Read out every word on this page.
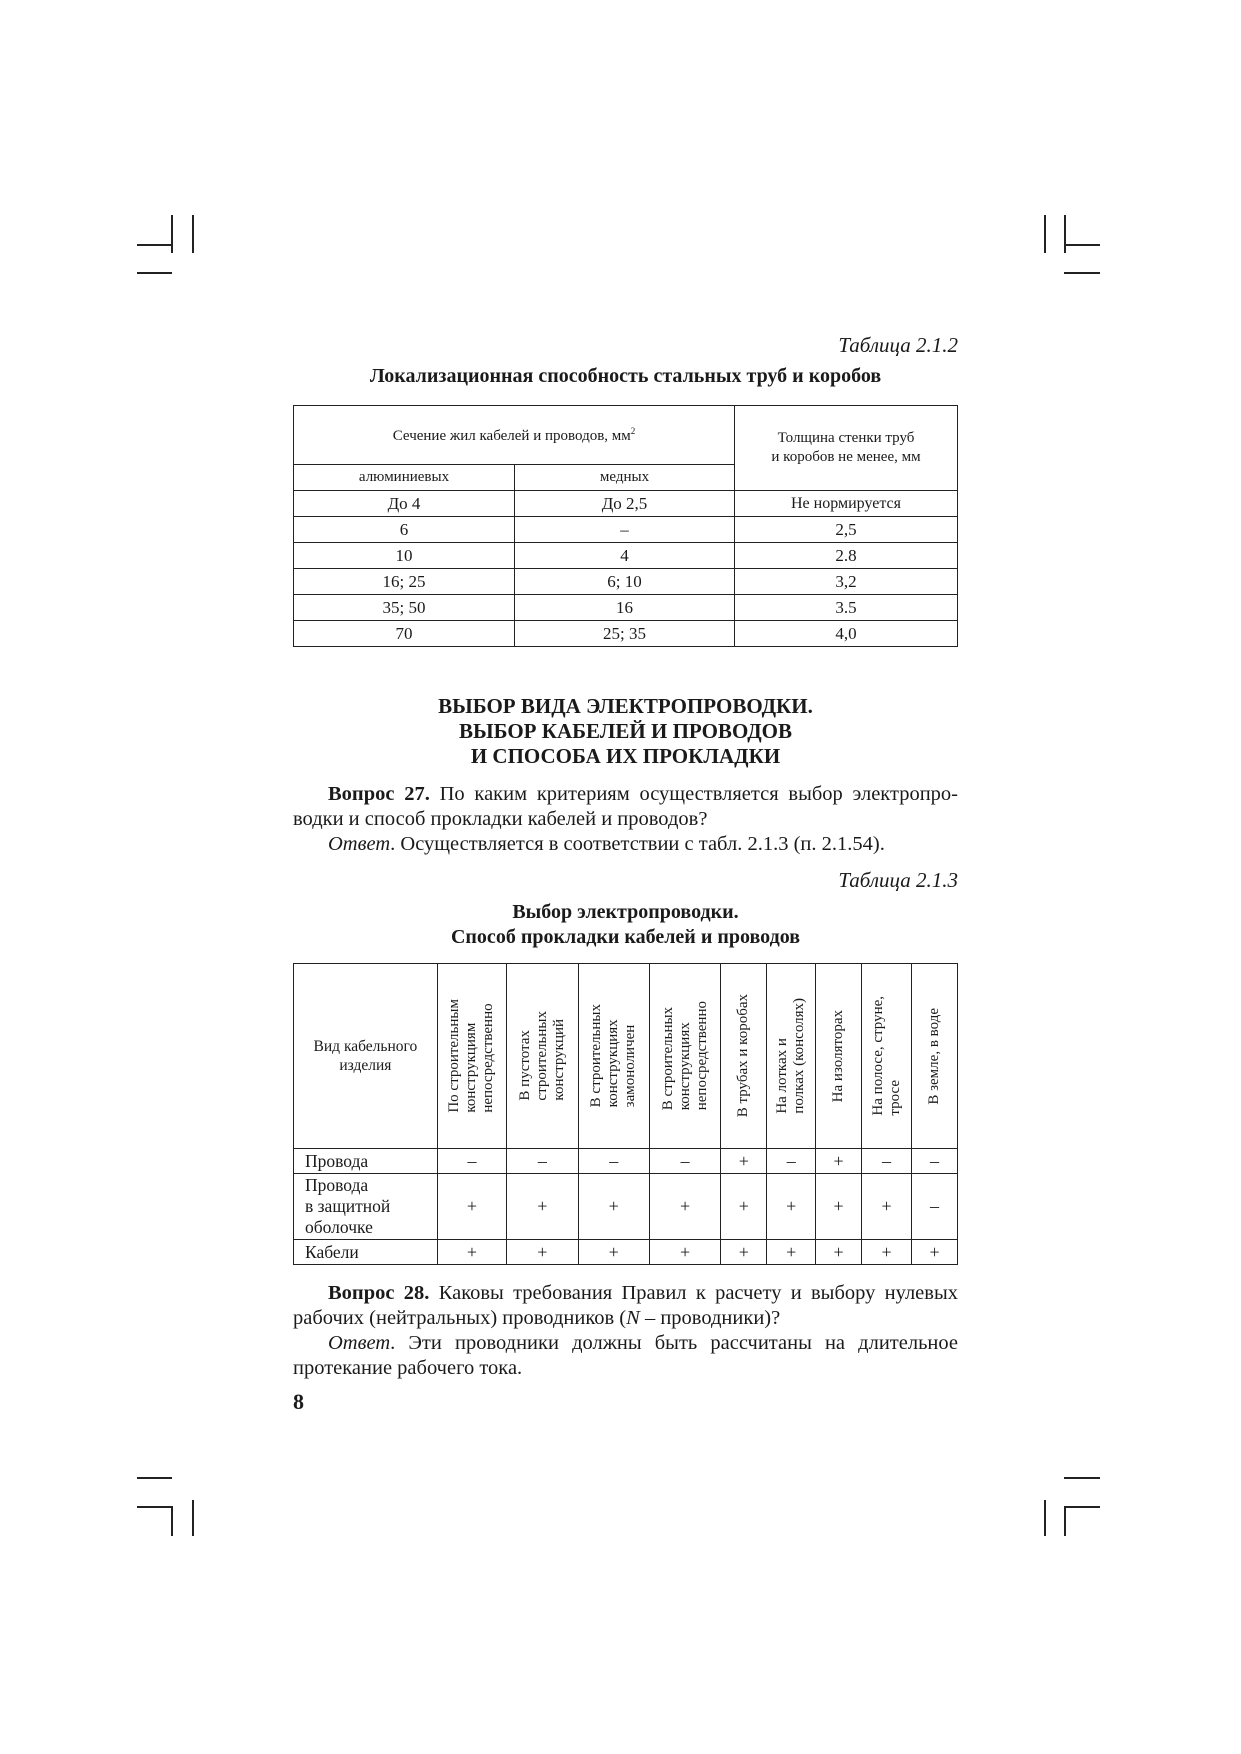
Таблица 2.1.2
Локализационная способность стальных труб и коробов
Сечение жил кабелей и проводов, $мм^2$		Толщина стенки труб
и коробов не менее, мм
алюминиевых	медных	
До 4	До 2,5	Не нормируется
6	–	2,5
10	4	2.8
16; 25	6; 10	3,2
35; 50	16	3.5
70	25; 35	4,0
ВЫБОР ВИДА ЭЛЕКТРОПРОВОДКИ.
ВЫБОР КАБЕЛЕЙ И ПРОВОДОВ
И СПОСОБА ИХ ПРОКЛАДКИ

Вопрос 27. По каким критериям осуществляется выбор электропро-

водки и способ прокладки кабелей и проводов?

Ответ. Осуществляется в соответствии с табл. 2.1.3 (п. 2.1.54).

Таблица 2.1.3
Выбор электропроводки.
Способ прокладки кабелей и проводов
Вид кабельного
изделия	По строительным
конструкциям
непосредственно	В пустотах
строительных
конструкций	В строительных
конструкциях
замоноличен	В строительных
конструкциях
непосредственно	В трубах и коробах	На лотках и
полках (консолях)	На изоляторах	На полосе, струне,
тросе	В земле, в воде

Провода	–	–	–	–	+	–	+	–	–
Провода
в защитной
оболочке	+	+	+	+	+	+	+	+	–
Кабели	+	+	+	+	+	+	+	+	+

Вопрос 28. Каковы требования Правил к расчету и выбору нулевых

рабочих (нейтральных) проводников (N – проводники)?

Ответ. Эти проводники должны быть рассчитаны на длительное

протекание рабочего тока.

8
